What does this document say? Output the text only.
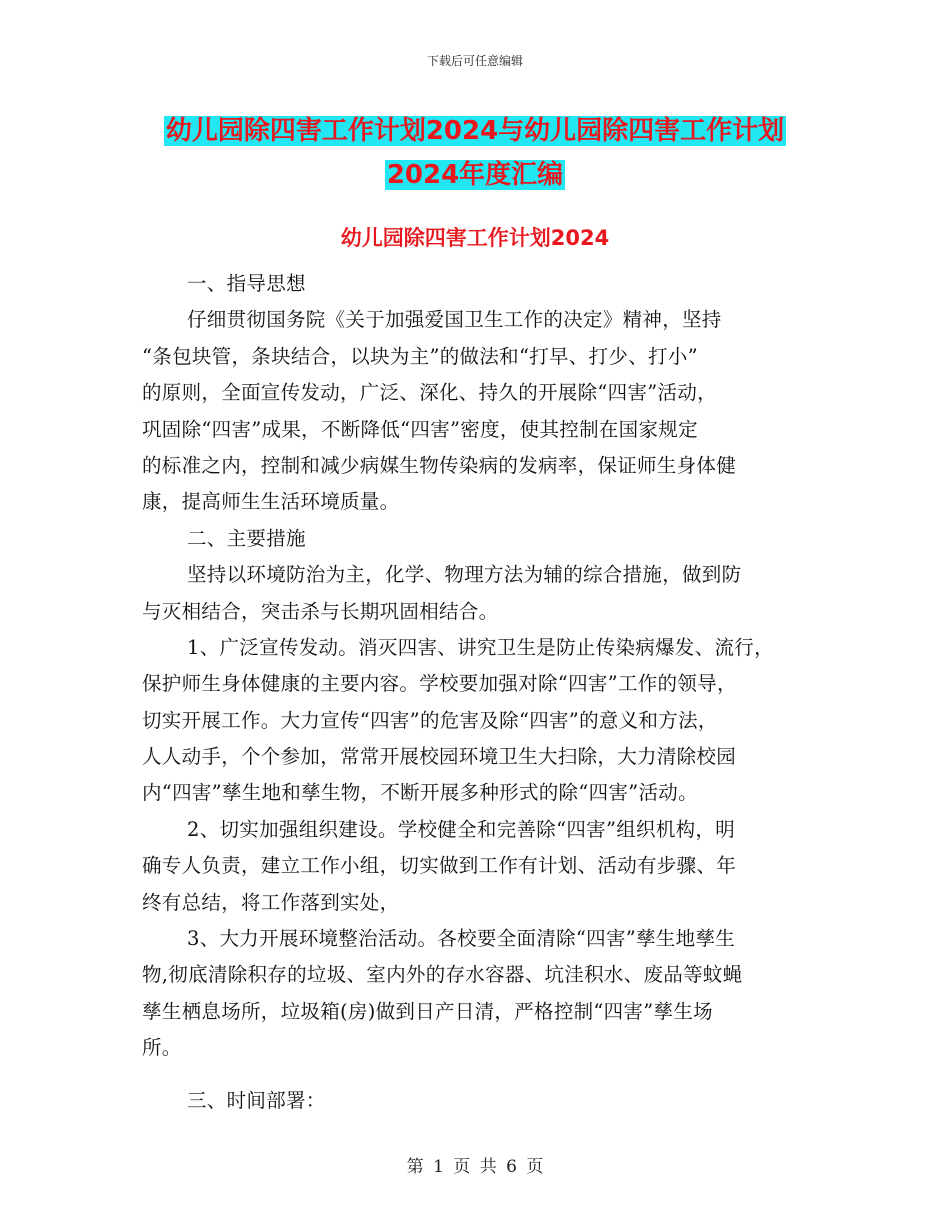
下载后可任意编辑
幼儿园除四害工作计划2024与幼儿园除四害工作计划
2024年度汇编
幼儿园除四害工作计划2024
一、指导思想
仔细贯彻国务院《关于加强爱国卫生工作的决定》精神，坚持
“条包块管，条块结合，以块为主”的做法和“打早、打少、打小”
的原则，全面宣传发动，广泛、深化、持久的开展除“四害”活动，
巩固除“四害”成果，不断降低“四害”密度，使其控制在国家规定
的标准之内，控制和减少病媒生物传染病的发病率，保证师生身体健
康，提高师生生活环境质量。
二、主要措施
坚持以环境防治为主，化学、物理方法为辅的综合措施，做到防
与灭相结合，突击杀与长期巩固相结合。
1、广泛宣传发动。消灭四害、讲究卫生是防止传染病爆发、流行，
保护师生身体健康的主要内容。学校要加强对除“四害”工作的领导，
切实开展工作。大力宣传“四害”的危害及除“四害”的意义和方法，
人人动手，个个参加，常常开展校园环境卫生大扫除，大力清除校园
内“四害”孳生地和孳生物，不断开展多种形式的除“四害”活动。
2、切实加强组织建设。学校健全和完善除“四害”组织机构，明
确专人负责，建立工作小组，切实做到工作有计划、活动有步骤、年
终有总结，将工作落到实处，
3、大力开展环境整治活动。各校要全面清除“四害”孳生地孳生
物,彻底清除积存的垃圾、室内外的存水容器、坑洼积水、废品等蚊蝇
孳生栖息场所，垃圾箱(房)做到日产日清，严格控制“四害”孳生场
所。
三、时间部署：
第 1 页 共 6 页
